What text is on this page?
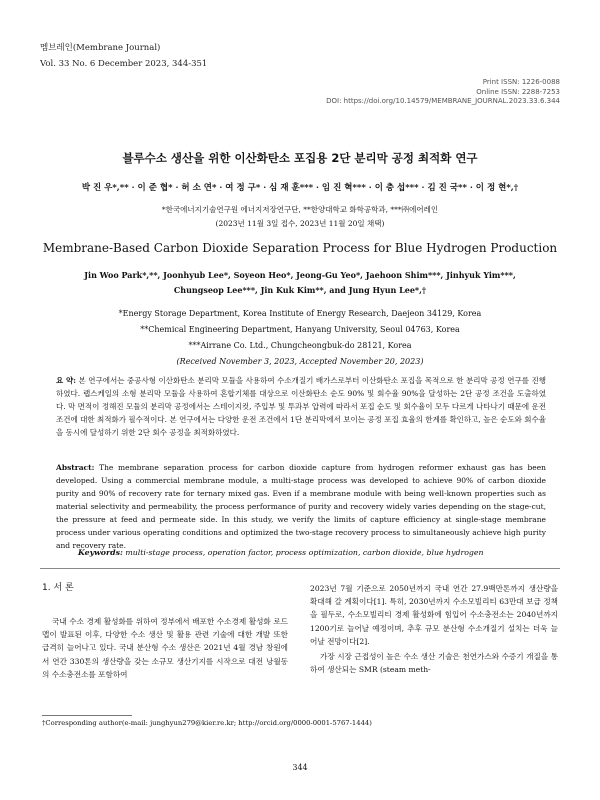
멤브레인(Membrane Journal)
Vol. 33 No. 6 December 2023, 344-351
Print ISSN: 1226-0088
Online ISSN: 2288-7253
DOI: https://doi.org/10.14579/MEMBRANE_JOURNAL.2023.33.6.344
블루수소 생산을 위한 이산화탄소 포집용 2단 분리막 공정 최적화 연구
박 진 우*,** · 이 준 협* · 허 소 연* · 여 정 구* · 심 재 훈*** · 임 진 혁*** · 이 충 섭*** · 김 진 국** · 이 정 현*,†
*한국에너지기술연구원 에너지저장연구단, **한양대학교 화학공학과, ***㈜에어레인
(2023년 11월 3일 접수, 2023년 11월 20일 채택)
Membrane-Based Carbon Dioxide Separation Process for Blue Hydrogen Production
Jin Woo Park*,**, Joonhyub Lee*, Soyeon Heo*, Jeong-Gu Yeo*, Jaehoon Shim***, Jinhyuk Yim***,
Chungseop Lee***, Jin Kuk Kim**, and Jung Hyun Lee*,†
*Energy Storage Department, Korea Institute of Energy Research, Daejeon 34129, Korea
**Chemical Engineering Department, Hanyang University, Seoul 04763, Korea
***Airrane Co. Ltd., Chungcheongbuk-do 28121, Korea
(Received November 3, 2023, Accepted November 20, 2023)
요 약: 본 연구에서는 중공사형 이산화탄소 분리막 모듈을 사용하여 수소개질기 배가스로부터 이산화탄소 포집을 목적으로 한 분리막 공정 연구를 진행하였다. 랩스케일의 소형 분리막 모듈을 사용하여 혼합기체를 대상으로 이산화탄소 순도 90% 및 회수율 90%을 달성하는 2단 공정 조건을 도출하였다. 막 면적이 정해진 모듈의 분리막 공정에서는 스테이지컷, 주입부 및 투과부 압력에 따라서 포집 순도 및 회수율이 모두 다르게 나타나기 때문에 운전 조건에 대한 최적화가 필수적이다. 본 연구에서는 다양한 운전 조건에서 1단 분리막에서 보이는 공정 포집 효율의 한계를 확인하고, 높은 순도와 회수율을 동시에 달성하기 위한 2단 회수 공정을 최적화하였다.
Abstract: The membrane separation process for carbon dioxide capture from hydrogen reformer exhaust gas has been developed. Using a commercial membrane module, a multi-stage process was developed to achieve 90% of carbon dioxide purity and 90% of recovery rate for ternary mixed gas. Even if a membrane module with being well-known properties such as material selectivity and permeability, the process performance of purity and recovery widely varies depending on the stage-cut, the pressure at feed and permeate side. In this study, we verify the limits of capture efficiency at single-stage membrane process under various operating conditions and optimized the two-stage recovery process to simultaneously achieve high purity and recovery rate.
Keywords: multi-stage process, operation factor, process optimization, carbon dioxide, blue hydrogen
1. 서 론
국내 수소 경제 활성화를 위하여 정부에서 배포한 수소경제 활성화 로드맵이 발표된 이후, 다양한 수소 생산 및 활용 관련 기술에 대한 개발 또한 급격히 늘어나고 있다. 국내 분산형 수소 생산은 2021년 4월 경남 창원에서 연간 330톤의 생산량을 갖는 소규모 생산기지를 시작으로 대전 낭월동의 수소충전소를 포함하여
2023년 7월 기준으로 2050년까지 국내 연간 27.9백만톤까지 생산량을 확대해 갈 계획이다[1]. 특히, 2030년까지 수소모빌리티 63만대 보급 정책을 필두로, 수소모빌리티 경제 활성화에 힘입어 수소충전소는 2040년까지 1200기로 늘어날 예정이며, 추후 규모 분산형 수소개질기 설치는 더욱 늘어날 전망이다[2].
가장 시장 근접성이 높은 수소 생산 기술은 천연가스와 수증기 개질을 통하여 생산되는 SMR (steam meth-
†Corresponding author(e-mail: junghyun279@kier.re.kr; http://orcid.org/0000-0001-5767-1444)
344
